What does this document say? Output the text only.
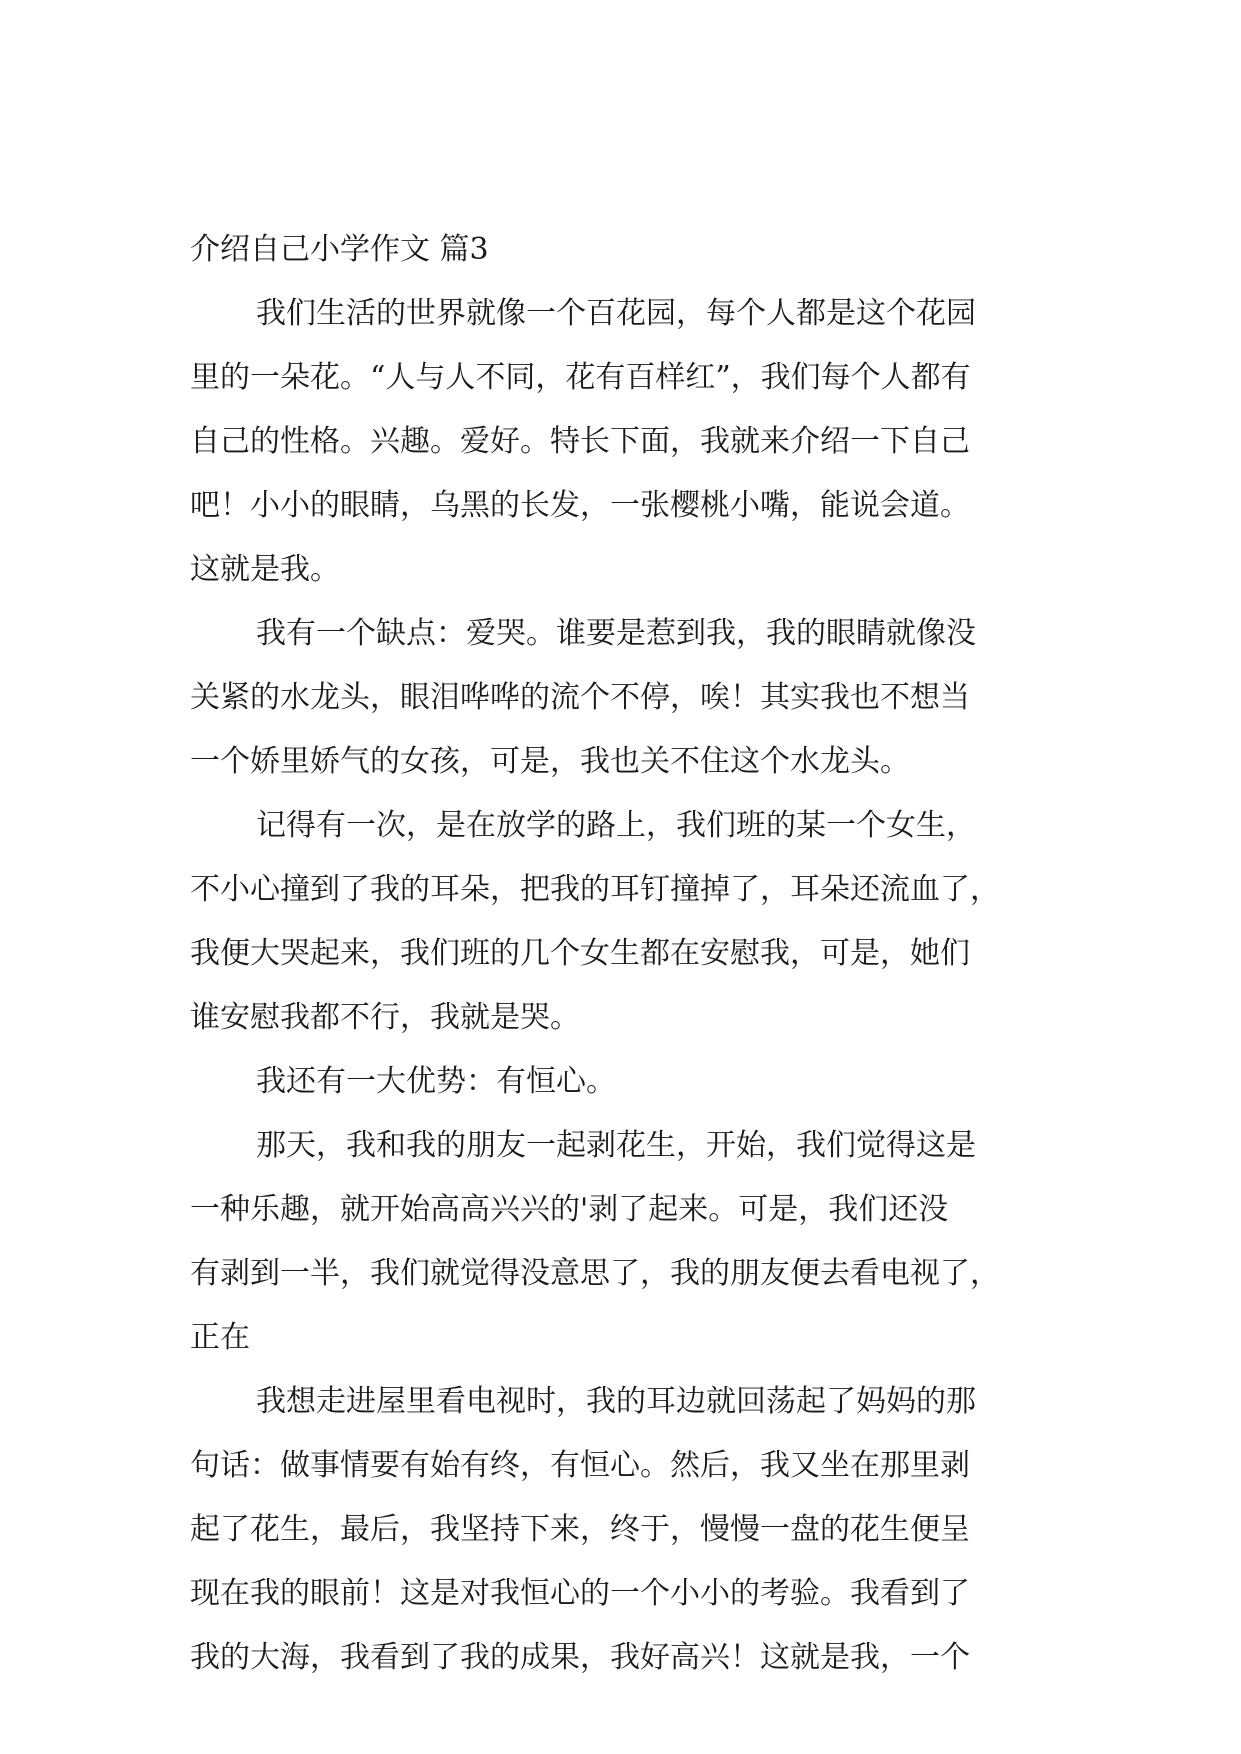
介绍自己小学作文 篇3
我们生活的世界就像一个百花园，每个人都是这个花园
里的一朵花。“人与人不同，花有百样红”，我们每个人都有
自己的性格。兴趣。爱好。特长下面，我就来介绍一下自己
吧！小小的眼睛，乌黑的长发，一张樱桃小嘴，能说会道。
这就是我。
我有一个缺点：爱哭。谁要是惹到我，我的眼睛就像没
关紧的水龙头，眼泪哗哗的流个不停，唉！其实我也不想当
一个娇里娇气的女孩，可是，我也关不住这个水龙头。
记得有一次，是在放学的路上，我们班的某一个女生，
不小心撞到了我的耳朵，把我的耳钉撞掉了，耳朵还流血了，
我便大哭起来，我们班的几个女生都在安慰我，可是，她们
谁安慰我都不行，我就是哭。
我还有一大优势：有恒心。
那天，我和我的朋友一起剥花生，开始，我们觉得这是
一种乐趣，就开始高高兴兴的'剥了起来。可是，我们还没
有剥到一半，我们就觉得没意思了，我的朋友便去看电视了，
正在
我想走进屋里看电视时，我的耳边就回荡起了妈妈的那
句话：做事情要有始有终，有恒心。然后，我又坐在那里剥
起了花生，最后，我坚持下来，终于，慢慢一盘的花生便呈
现在我的眼前！这是对我恒心的一个小小的考验。我看到了
我的大海，我看到了我的成果，我好高兴！这就是我，一个
